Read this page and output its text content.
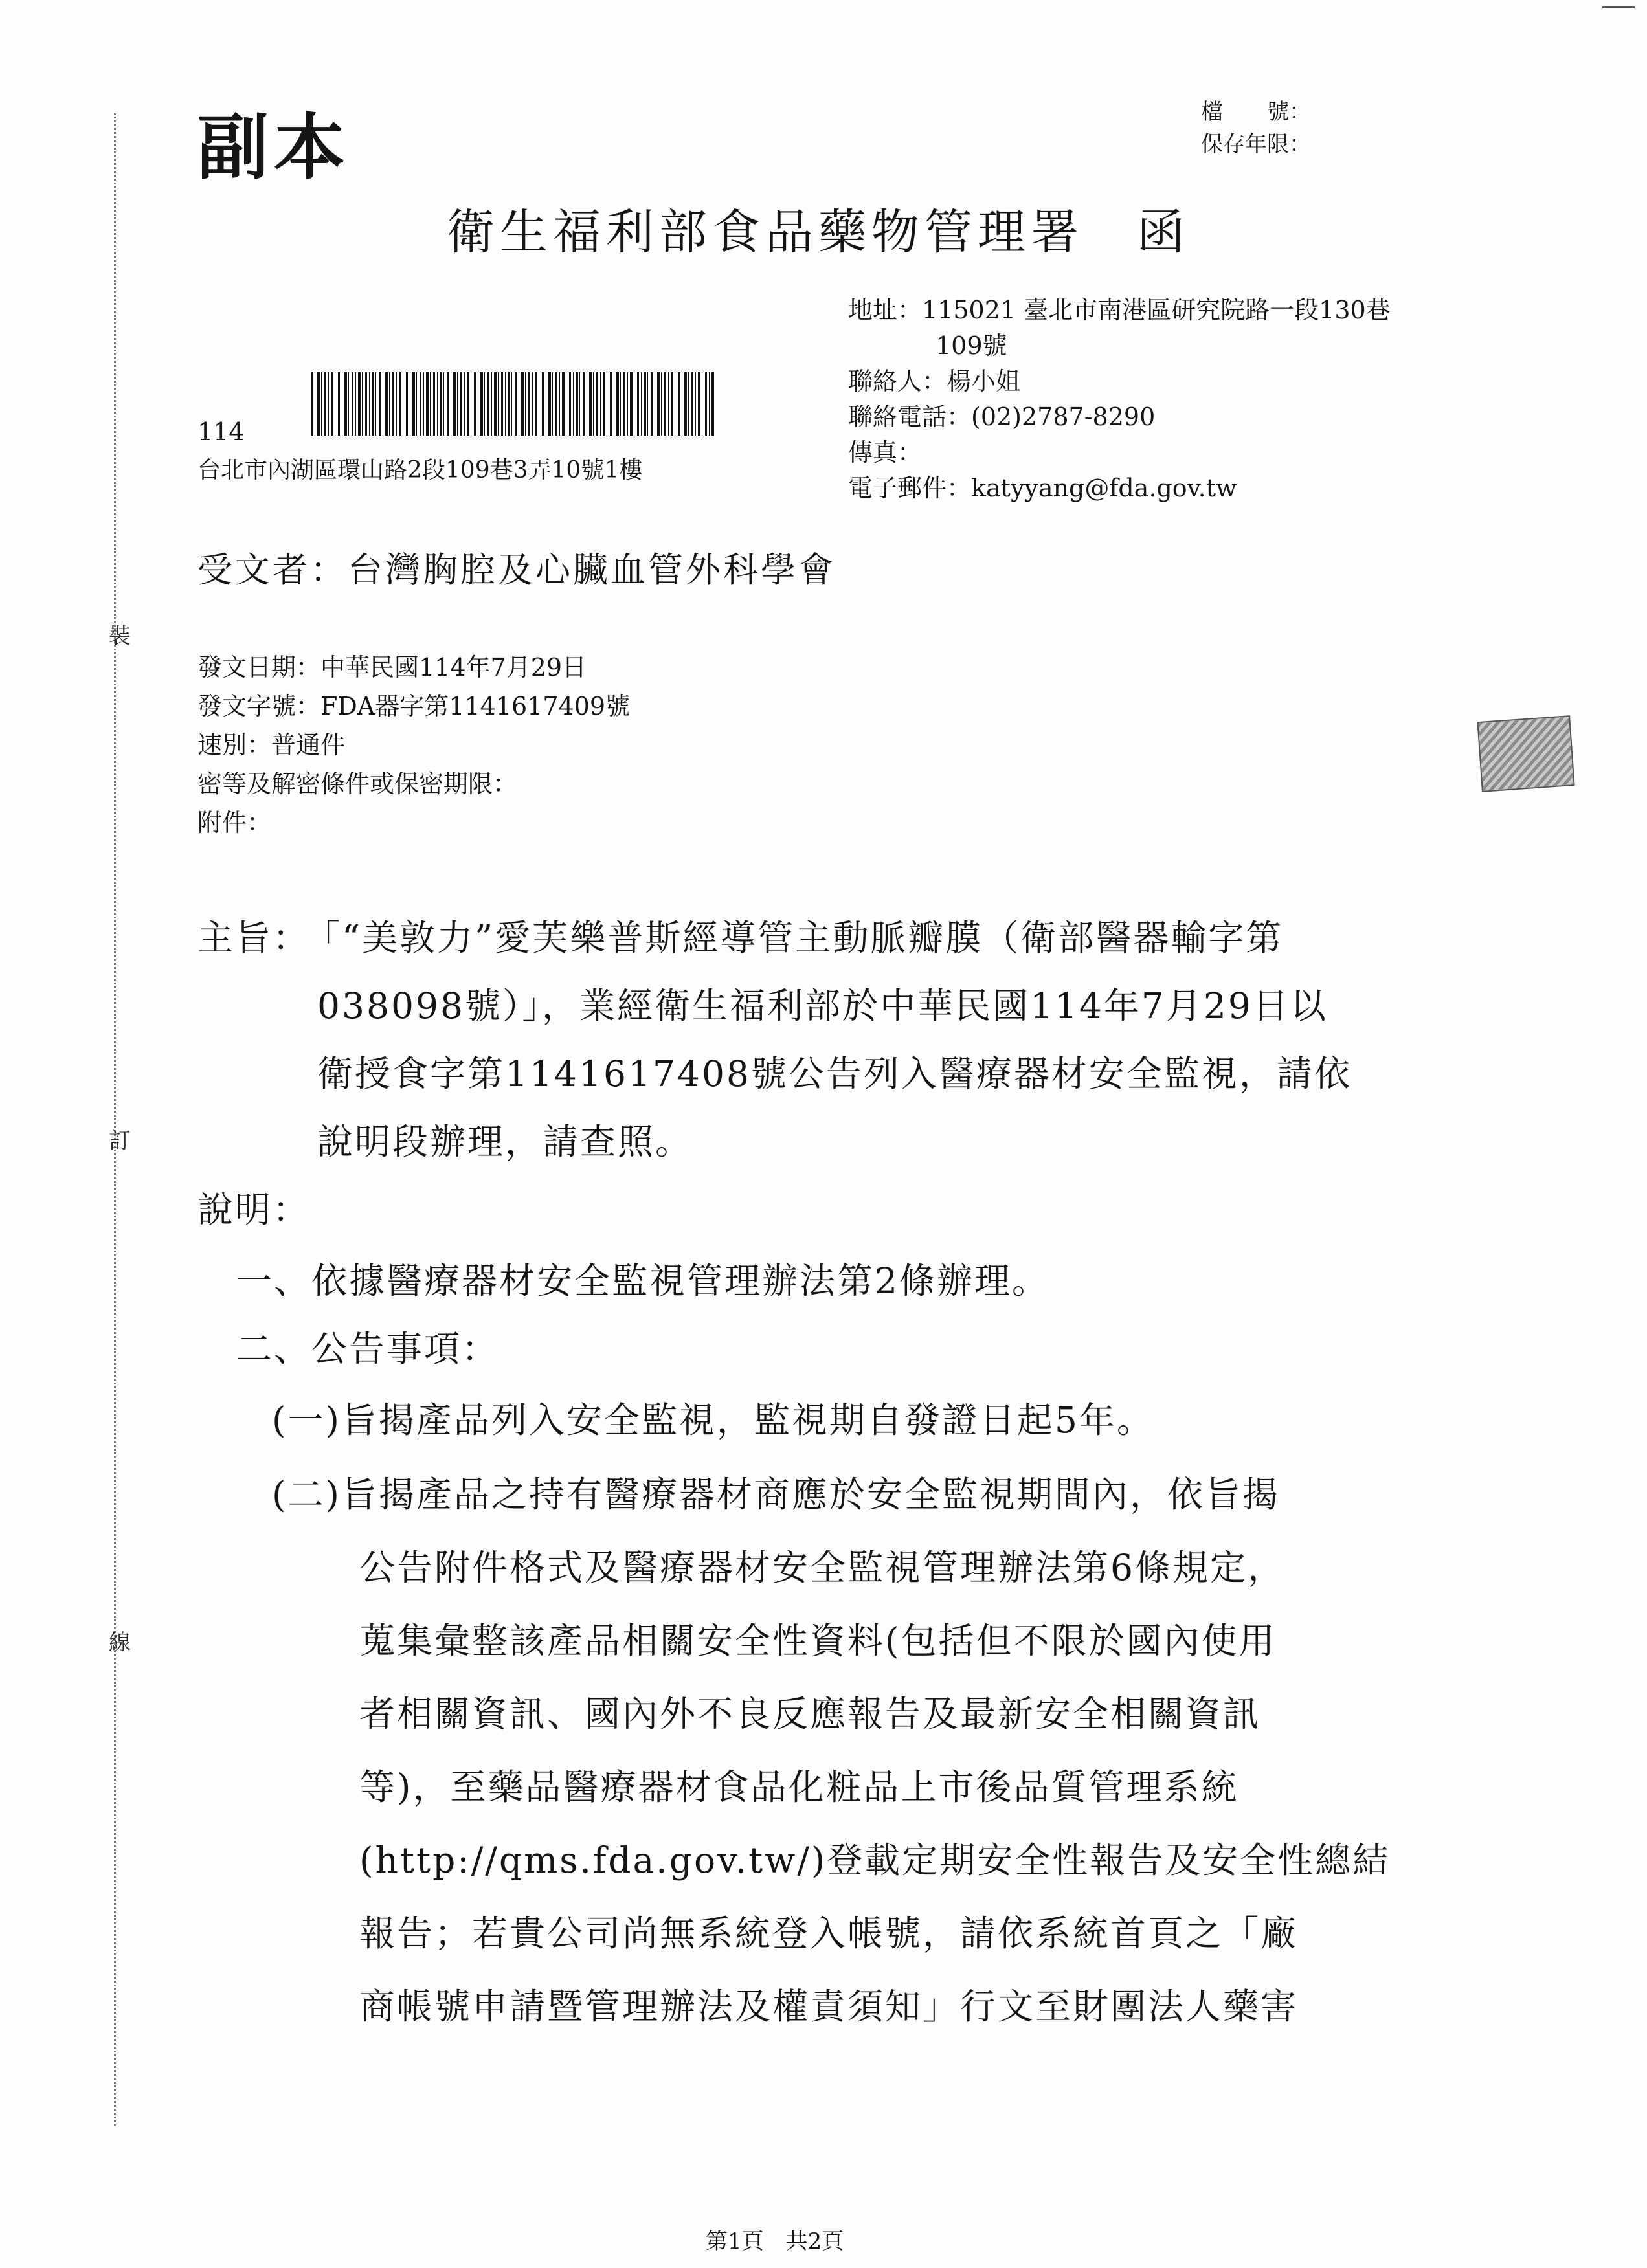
裝
訂
線
副本	檔　　號：
保存年限：
衛生福利部食品藥物管理署　函
地址：115021 臺北市南港區研究院路一段130巷
109號
聯絡人：楊小姐
聯絡電話：(02)2787-8290
傳真：
電子郵件：katyyang@fda.gov.tw
114
台北市內湖區環山路2段109巷3弄10號1樓
受文者：台灣胸腔及心臟血管外科學會
發文日期：中華民國114年7月29日
發文字號：FDA器字第1141617409號
速別：普通件
密等及解密條件或保密期限：
附件：
主旨：
「“美敦力”愛芙樂普斯經導管主動脈瓣膜（衛部醫器輸字第
038098號）」，業經衛生福利部於中華民國114年7月29日以
衛授食字第1141617408號公告列入醫療器材安全監視，請依
說明段辦理，請查照。
說明：
一、依據醫療器材安全監視管理辦法第2條辦理。
二、公告事項：
(一)旨揭產品列入安全監視，監視期自發證日起5年。
(二)旨揭產品之持有醫療器材商應於安全監視期間內，依旨揭
公告附件格式及醫療器材安全監視管理辦法第6條規定，
蒐集彙整該產品相關安全性資料(包括但不限於國內使用
者相關資訊、國內外不良反應報告及最新安全相關資訊
等)，至藥品醫療器材食品化粧品上市後品質管理系統
(http://qms.fda.gov.tw/)登載定期安全性報告及安全性總結
報告；若貴公司尚無系統登入帳號，請依系統首頁之「廠
商帳號申請暨管理辦法及權責須知」行文至財團法人藥害
第1頁　共2頁
